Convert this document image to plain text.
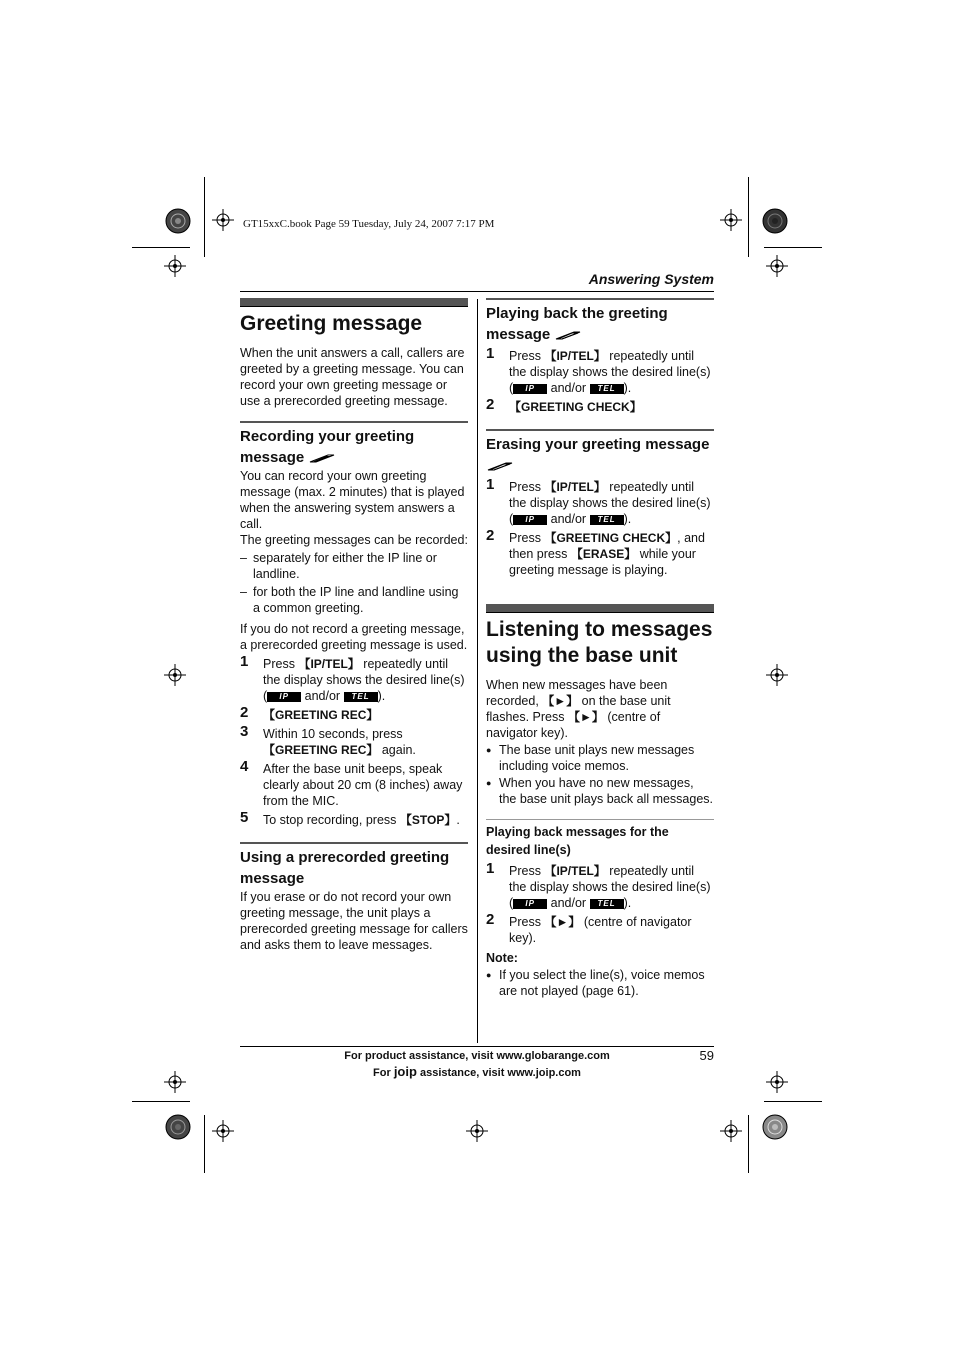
GT15xxC.book Page 59 Tuesday, July 24, 2007 7:17 PM
Answering System
Greeting message

When the unit answers a call, callers are greeted by a greeting message. You can record your own greeting message or use a prerecorded greeting message.

Recording your greeting message

You can record your own greeting message (max. 2 minutes) that is played when the answering system answers a call.

The greeting messages can be recorded:

– separately for either the IP line or landline.
– for both the IP line and landline using a common greeting.

If you do not record a greeting message, a prerecorded greeting message is used.

1 Press 【IP/TEL】 repeatedly until the display shows the desired line(s) ( IP and/or TEL ).
2 【GREETING REC】
3 Within 10 seconds, press
【GREETING REC】 again.
4 After the base unit beeps, speak clearly about 20 cm (8 inches) away from the MIC.
5 To stop recording, press 【STOP】.
Using a prerecorded greeting message

If you erase or do not record your own greeting message, the unit plays a prerecorded greeting message for callers and asks them to leave messages.

Playing back the greeting message
1 Press 【IP/TEL】 repeatedly until the display shows the desired line(s) ( IP and/or TEL ).
2 【GREETING CHECK】
Erasing your greeting message
1 Press 【IP/TEL】 repeatedly until the display shows the desired line(s) ( IP and/or TEL ).
2 Press 【GREETING CHECK】, and then press 【ERASE】 while your greeting message is playing.
Listening to messages using the base unit

When new messages have been recorded, 【►】 on the base unit flashes. Press 【►】 (centre of navigator key).

● The base unit plays new messages including voice memos.
● When you have no new messages, the base unit plays back all messages.
Playing back messages for the desired line(s)
1 Press 【IP/TEL】 repeatedly until the display shows the desired line(s) ( IP and/or TEL ).
2 Press 【►】 (centre of navigator key).

Note:

● If you select the line(s), voice memos are not played (page 61).
For product assistance, visit www.globarange.com
For joip assistance, visit www.joip.com
59
